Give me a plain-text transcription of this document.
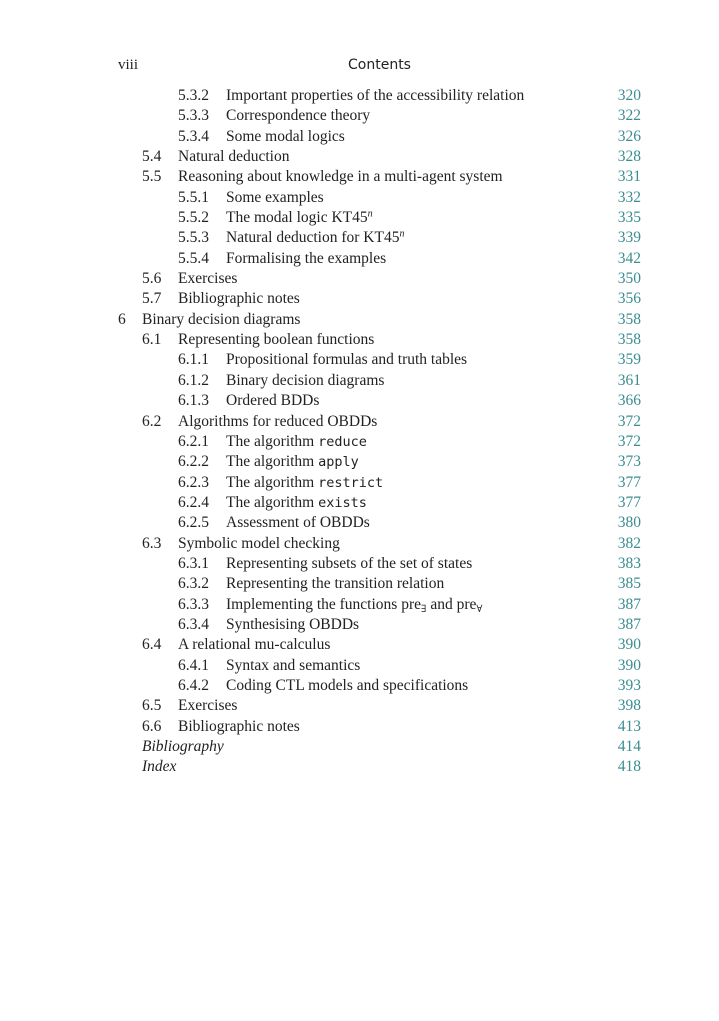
viii	Contents
5.3.2 Important properties of the accessibility relation	320
5.3.3 Correspondence theory	322
5.3.4 Some modal logics	326
5.4 Natural deduction	328
5.5 Reasoning about knowledge in a multi-agent system	331
5.5.1 Some examples	332
5.5.2 The modal logic KT45$^n$	335
5.5.3 Natural deduction for KT45$^n$	339
5.5.4 Formalising the examples	342
5.6 Exercises	350
5.7 Bibliographic notes	356
6 Binary decision diagrams	358
6.1 Representing boolean functions	358
6.1.1 Propositional formulas and truth tables	359
6.1.2 Binary decision diagrams	361
6.1.3 Ordered BDDs	366
6.2 Algorithms for reduced OBDDs	372
6.2.1 The algorithm reduce	372
6.2.2 The algorithm apply	373
6.2.3 The algorithm restrict	377
6.2.4 The algorithm exists	377
6.2.5 Assessment of OBDDs	380
6.3 Symbolic model checking	382
6.3.1 Representing subsets of the set of states	383
6.3.2 Representing the transition relation	385
6.3.3 Implementing the functions pre$_\exists$ and pre$_\forall$	387
6.3.4 Synthesising OBDDs	387
6.4 A relational mu-calculus	390
6.4.1 Syntax and semantics	390
6.4.2 Coding CTL models and specifications	393
6.5 Exercises	398
6.6 Bibliographic notes	413
Bibliography	414
Index	418
